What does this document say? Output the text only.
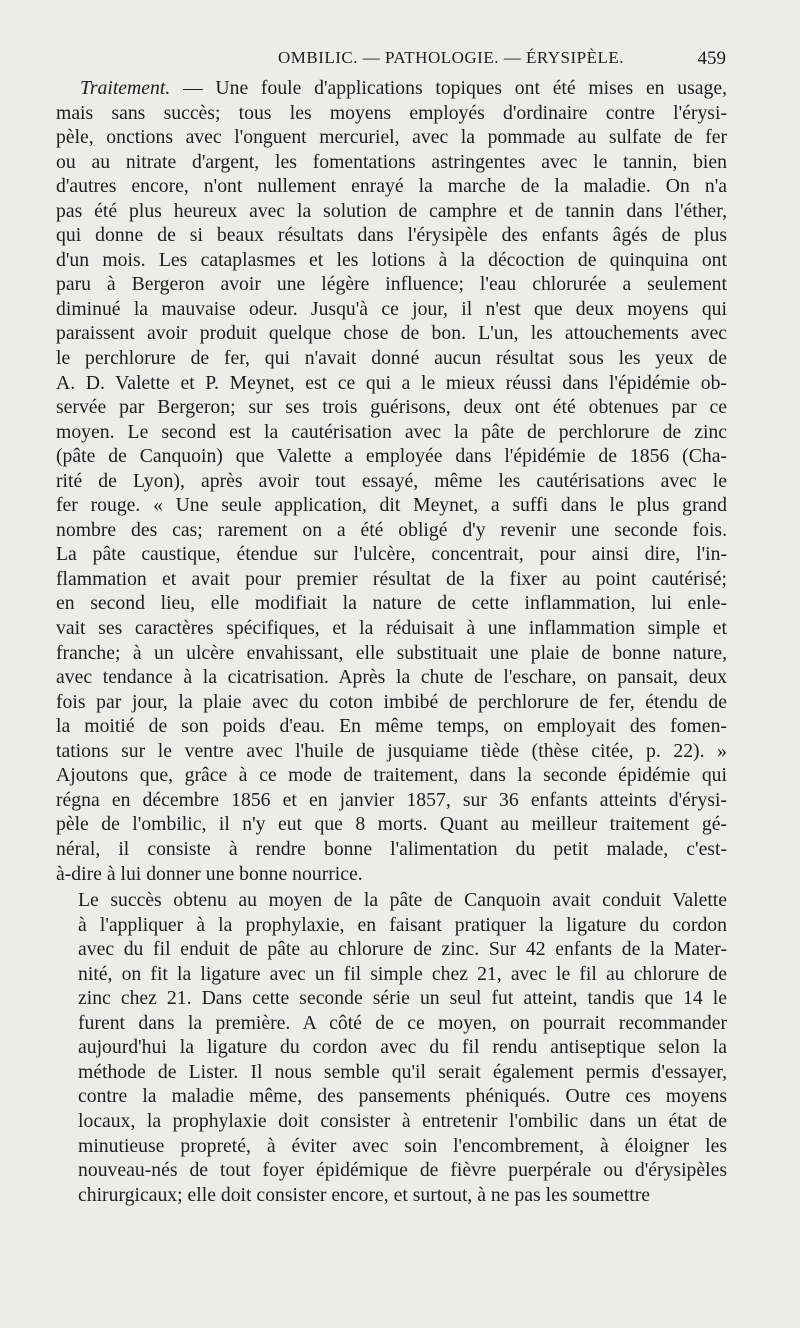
OMBILIC. — PATHOLOGIE. — ÉRYSIPÈLE.	459

Traitement. — Une foule d'applications topiques ont été mises en usage,
mais sans succès; tous les moyens employés d'ordinaire contre l'érysi-
pèle, onctions avec l'onguent mercuriel, avec la pommade au sulfate de fer
ou au nitrate d'argent, les fomentations astringentes avec le tannin, bien
d'autres encore, n'ont nullement enrayé la marche de la maladie. On n'a
pas été plus heureux avec la solution de camphre et de tannin dans l'éther,
qui donne de si beaux résultats dans l'érysipèle des enfants âgés de plus
d'un mois. Les cataplasmes et les lotions à la décoction de quinquina ont
paru à Bergeron avoir une légère influence; l'eau chlorurée a seulement
diminué la mauvaise odeur. Jusqu'à ce jour, il n'est que deux moyens qui
paraissent avoir produit quelque chose de bon. L'un, les attouchements avec
le perchlorure de fer, qui n'avait donné aucun résultat sous les yeux de
A. D. Valette et P. Meynet, est ce qui a le mieux réussi dans l'épidémie ob-
servée par Bergeron; sur ses trois guérisons, deux ont été obtenues par ce
moyen. Le second est la cautérisation avec la pâte de perchlorure de zinc
(pâte de Canquoin) que Valette a employée dans l'épidémie de 1856 (Cha-
rité de Lyon), après avoir tout essayé, même les cautérisations avec le
fer rouge. « Une seule application, dit Meynet, a suffi dans le plus grand
nombre des cas; rarement on a été obligé d'y revenir une seconde fois.
La pâte caustique, étendue sur l'ulcère, concentrait, pour ainsi dire, l'in-
flammation et avait pour premier résultat de la fixer au point cautérisé;
en second lieu, elle modifiait la nature de cette inflammation, lui enle-
vait ses caractères spécifiques, et la réduisait à une inflammation simple et
franche; à un ulcère envahissant, elle substituait une plaie de bonne nature,
avec tendance à la cicatrisation. Après la chute de l'eschare, on pansait, deux
fois par jour, la plaie avec du coton imbibé de perchlorure de fer, étendu de
la moitié de son poids d'eau. En même temps, on employait des fomen-
tations sur le ventre avec l'huile de jusquiame tiède (thèse citée, p. 22). »
Ajoutons que, grâce à ce mode de traitement, dans la seconde épidémie qui
régna en décembre 1856 et en janvier 1857, sur 36 enfants atteints d'érysi-
pèle de l'ombilic, il n'y eut que 8 morts. Quant au meilleur traitement gé-
néral, il consiste à rendre bonne l'alimentation du petit malade, c'est-
à-dire à lui donner une bonne nourrice.

Le succès obtenu au moyen de la pâte de Canquoin avait conduit Valette
à l'appliquer à la prophylaxie, en faisant pratiquer la ligature du cordon
avec du fil enduit de pâte au chlorure de zinc. Sur 42 enfants de la Mater-
nité, on fit la ligature avec un fil simple chez 21, avec le fil au chlorure de
zinc chez 21. Dans cette seconde série un seul fut atteint, tandis que 14 le
furent dans la première. A côté de ce moyen, on pourrait recommander
aujourd'hui la ligature du cordon avec du fil rendu antiseptique selon la
méthode de Lister. Il nous semble qu'il serait également permis d'essayer,
contre la maladie même, des pansements phéniqués. Outre ces moyens
locaux, la prophylaxie doit consister à entretenir l'ombilic dans un état de
minutieuse propreté, à éviter avec soin l'encombrement, à éloigner les
nouveau-nés de tout foyer épidémique de fièvre puerpérale ou d'érysipèles
chirurgicaux; elle doit consister encore, et surtout, à ne pas les soumettre
